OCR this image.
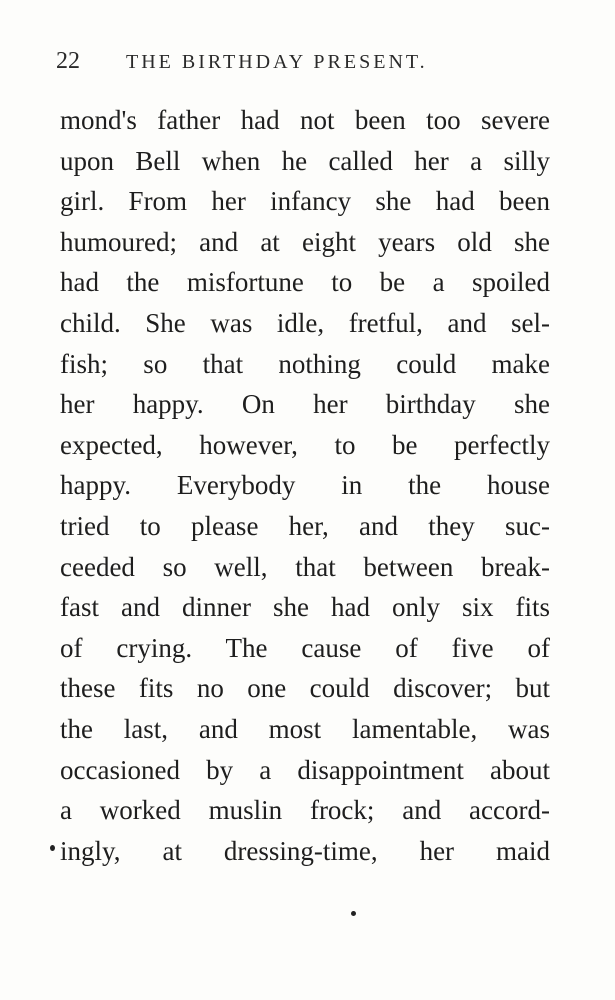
22 THE BIRTHDAY PRESENT.
mond's father had not been too severe
upon Bell when he called her a silly
girl. From her infancy she had been
humoured; and at eight years old she
had the misfortune to be a spoiled
child. She was idle, fretful, and sel-
fish; so that nothing could make
her happy. On her birthday she
expected, however, to be perfectly
happy. Everybody in the house
tried to please her, and they suc-
ceeded so well, that between break-
fast and dinner she had only six fits
of crying. The cause of five of
these fits no one could discover; but
the last, and most lamentable, was
occasioned by a disappointment about
a worked muslin frock; and accord-
ingly, at dressing-time, her maid
